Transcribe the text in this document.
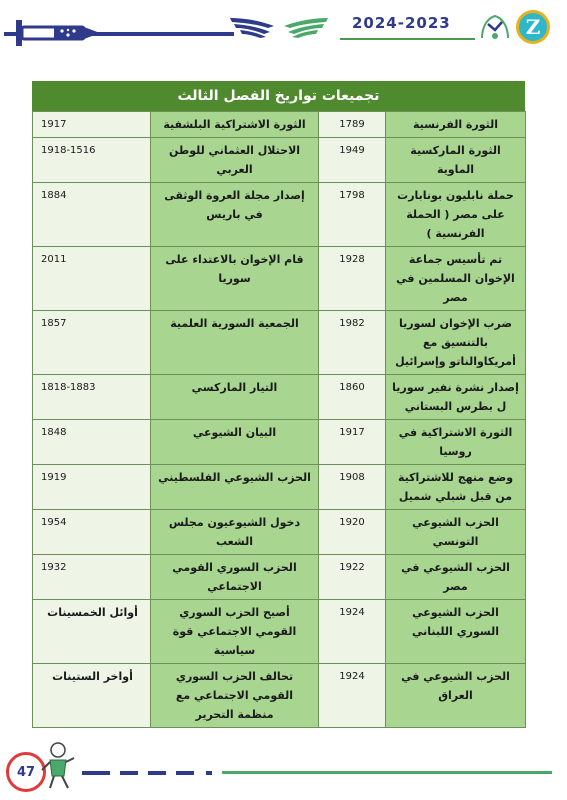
2024-2023	Z
تجميعات تواريخ الفصل الثالث
الثورة الفرنسية	1789	الثورة الاشتراكية البلشفية	1917
الثورة الماركسية الماوية	1949	الاحتلال العثماني للوطن العربي	1918-1516
حملة نابليون بونابارت على مصر ( الحملة الفرنسية )	1798	إصدار مجلة العروة الوثقى في باريس	1884
تم تأسيس جماعة الإخوان المسلمين في مصر	1928	قام الإخوان بالاعتداء على سوريا	2011
ضرب الإخوان لسوريا بالتنسيق مع أمريكاوالناتو وإسرائيل	1982	الجمعية السورية العلمية	1857
إصدار نشرة نفير سوريا ل بطرس البستاني	1860	التيار الماركسي	1818-1883
الثورة الاشتراكية في روسيا	1917	البيان الشيوعي	1848
وضع منهج للاشتراكية من قبل شبلي شميل	1908	الحزب الشيوعي الفلسطيني	1919
الحزب الشيوعي التونسي	1920	دخول الشيوعيون مجلس الشعب	1954
الحزب الشيوعي في مصر	1922	الحزب السوري القومي الاجتماعي	1932
الحزب الشيوعي السوري اللبناني	1924	أصبح الحزب السوري القومي الاجتماعي قوة سياسية	أوائل الخمسينات
الحزب الشيوعي في العراق	1924	تحالف الحزب السوري القومي الاجتماعي مع منظمة التحرير	أواخر الستينات
47
